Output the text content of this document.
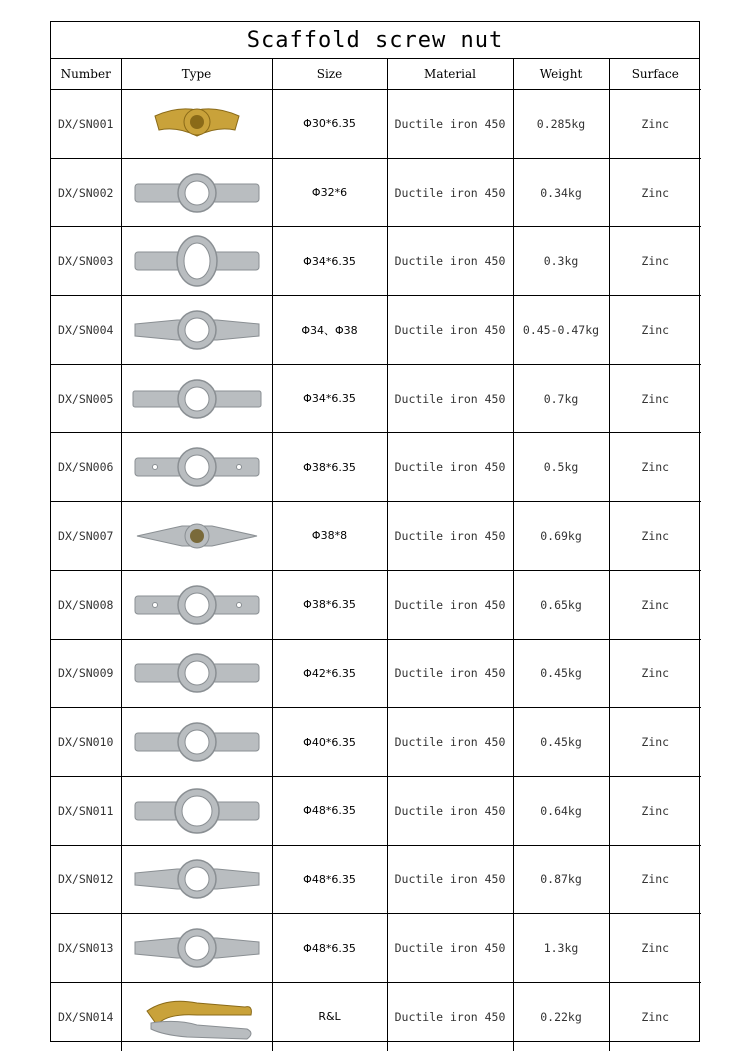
Scaffold screw nut
Number	Type	Size	Material	Weight	Surface
DX/SN001		Φ30*6.35	Ductile iron 450	0.285kg	Zinc
DX/SN002		Φ32*6	Ductile iron 450	0.34kg	Zinc
DX/SN003		Φ34*6.35	Ductile iron 450	0.3kg	Zinc
DX/SN004		Φ34、Φ38	Ductile iron 450	0.45-0.47kg	Zinc
DX/SN005		Φ34*6.35	Ductile iron 450	0.7kg	Zinc
DX/SN006		Φ38*6.35	Ductile iron 450	0.5kg	Zinc
DX/SN007		Φ38*8	Ductile iron 450	0.69kg	Zinc
DX/SN008		Φ38*6.35	Ductile iron 450	0.65kg	Zinc
DX/SN009		Φ42*6.35	Ductile iron 450	0.45kg	Zinc
DX/SN010		Φ40*6.35	Ductile iron 450	0.45kg	Zinc
DX/SN011		Φ48*6.35	Ductile iron 450	0.64kg	Zinc
DX/SN012		Φ48*6.35	Ductile iron 450	0.87kg	Zinc
DX/SN013		Φ48*6.35	Ductile iron 450	1.3kg	Zinc
DX/SN014		R&L	Ductile iron 450	0.22kg	Zinc
